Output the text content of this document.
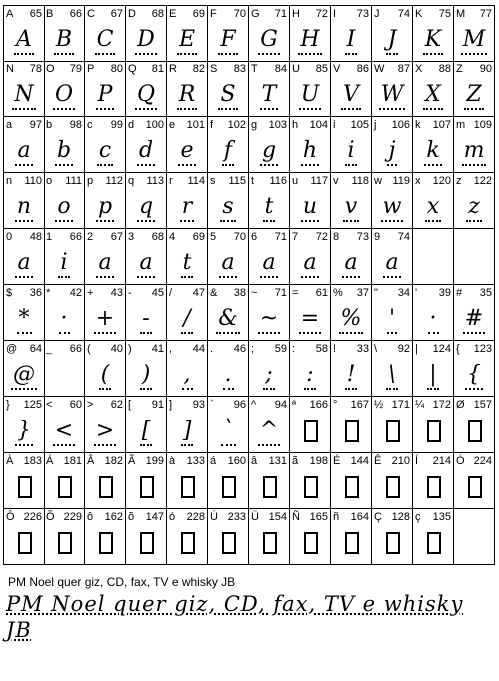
A 65
A
B 66
B
C 67
C
D 68
D
E 69
E
F 70
F
G 71
G
H 72
H
I 73
I
J 74
J
K 75
K
M 77
M
N 78
N
O 79
O
P 80
P
Q 81
Q
R 82
R
S 83
S
T 84
T
U 85
U
V 86
V
W 87
W
X 88
X
Z 90
Z
a 97
a
b 98
b
c 99
c
d 100
d
e 101
e
f 102
f
g 103
g
h 104
h
i 105
i
j 106
j
k 107
k
m 109
m
n 110
n
o 111
o
p 112
p
q 113
q
r 114
r
s 115
s
t 116
t
u 117
u
v 118
v
w 119
w
x 120
x
z 122
z
0 48
a
1 66
i
2 67
a
3 68
a
4 69
t
5 70
a
6 71
a
7 72
a
8 73
a
9 74
a
$ 36
*
* 42
·
+ 43
+
- 45
-
/ 47
/
& 38
&
~ 71
~
= 61
=
% 37
%
" 34
'
' 39
·
# 35
#
@ 64
@
_ 66 ( 40
(
) 41
)
, 44
,
. 46
.
; 59
;
: 58
:
! 33
!
\ 92
\
| 124
|
{ 123
{
} 125
}
< 60
<
> 62
>
[ 91
[
] 93
]
` 96
`
^ 94
^
ª 166 ° 167 ½ 171 ¼ 172 Ø 157
À 183 Á 181 Â 182 Ã 199 à 133 á 160 â 131 ã 198 É 144 Ê 210 Í 214 Ó 224
Ô 226 Õ 229 ô 162 õ 147 ó 228 Ú 233 Ü 154 Ñ 165 ñ 164 Ç 128 ç 135
PM Noel quer giz, CD, fax, TV e whisky JB
PM Noel quer giz, CD, fax, TV e whisky JB
